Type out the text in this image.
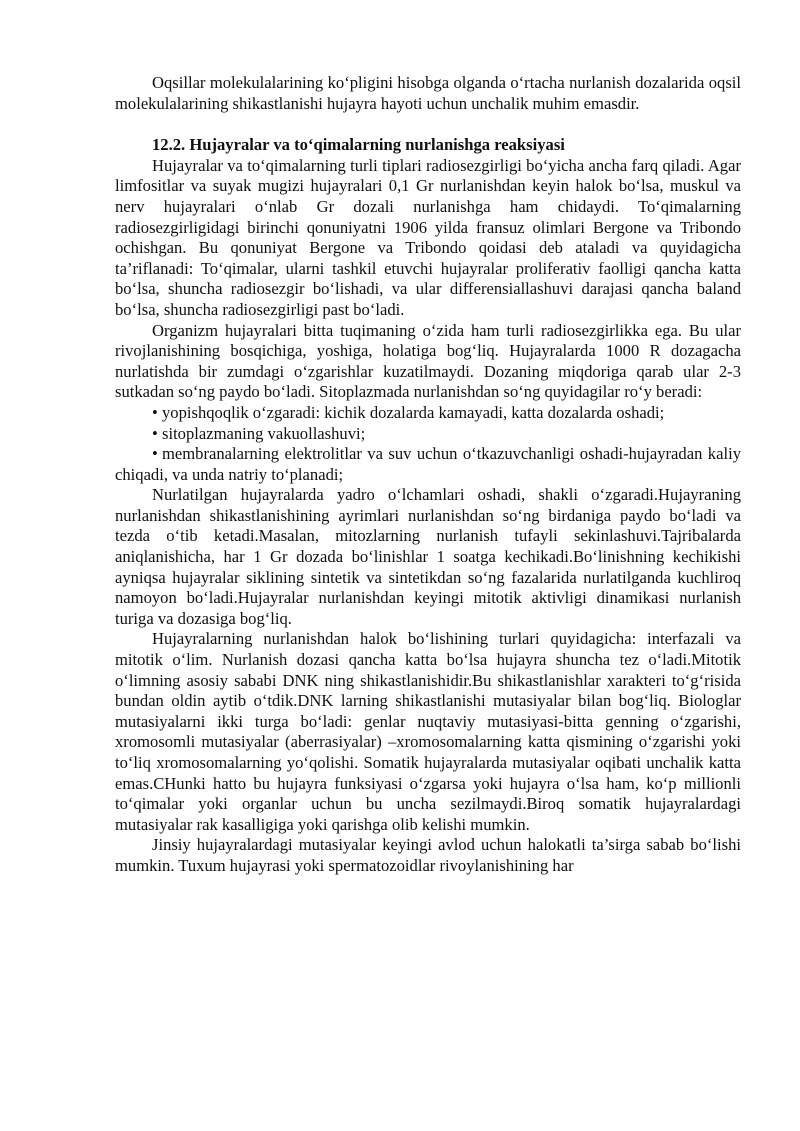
Oqsillar molekulalarining ko‘pligini hisobga olganda o‘rtacha nurlanish dozalarida oqsil molekulalarining shikastlanishi hujayra hayoti uchun unchalik muhim emasdir.

12.2. Hujayralar va to‘qimalarning nurlanishga reaksiyasi

Hujayralar va to‘qimalarning turli tiplari radiosezgirligi bo‘yicha ancha farq qiladi. Agar limfositlar va suyak mugizi hujayralari 0,1 Gr nurlanishdan keyin halok bo‘lsa, muskul va nerv hujayralari o‘nlab Gr dozali nurlanishga ham chidaydi. To‘qimalarning radiosezgirligidagi birinchi qonuniyatni 1906 yilda fransuz olimlari Bergone va Tribondo ochishgan. Bu qonuniyat Bergone va Tribondo qoidasi deb ataladi va quyidagicha ta’riflanadi: To‘qimalar, ularni tashkil etuvchi hujayralar proliferativ faolligi qancha katta bo‘lsa, shuncha radiosezgir bo‘lishadi, va ular differensiallashuvi darajasi qancha baland bo‘lsa, shuncha radiosezgirligi past bo‘ladi.

Organizm hujayralari bitta tuqimaning o‘zida ham turli radiosezgirlikka ega. Bu ular rivojlanishining bosqichiga, yoshiga, holatiga bog‘liq. Hujayralarda 1000 R dozagacha nurlatishda bir zumdagi o‘zgarishlar kuzatilmaydi. Dozaning miqdoriga qarab ular 2-3 sutkadan so‘ng paydo bo‘ladi. Sitoplazmada nurlanishdan so‘ng quyidagilar ro‘y beradi:

• yopishqoqlik o‘zgaradi: kichik dozalarda kamayadi, katta dozalarda oshadi;
• sitoplazmaning vakuollashuvi;
• membranalarning elektrolitlar va suv uchun o‘tkazuvchanligi oshadi-hujayradan kaliy chiqadi, va unda natriy to‘planadi;

Nurlatilgan hujayralarda yadro o‘lchamlari oshadi, shakli o‘zgaradi.Hujayraning nurlanishdan shikastlanishining ayrimlari nurlanishdan so‘ng birdaniga paydo bo‘ladi va tezda o‘tib ketadi.Masalan, mitozlarning nurlanish tufayli sekinlashuvi.Tajribalarda aniqlanishicha, har 1 Gr dozada bo‘linishlar 1 soatga kechikadi.Bo‘linishning kechikishi ayniqsa hujayralar siklining sintetik va sintetikdan so‘ng fazalarida nurlatilganda kuchliroq namoyon bo‘ladi.Hujayralar nurlanishdan keyingi mitotik aktivligi dinamikasi nurlanish turiga va dozasiga bog‘liq.

Hujayralarning nurlanishdan halok bo‘lishining turlari quyidagicha: interfazali va mitotik o‘lim. Nurlanish dozasi qancha katta bo‘lsa hujayra shuncha tez o‘ladi.Mitotik o‘limning asosiy sababi DNK ning shikastlanishidir.Bu shikastlanishlar xarakteri to‘g‘risida bundan oldin aytib o‘tdik.DNK larning shikastlanishi mutasiyalar bilan bog‘liq. Biologlar mutasiyalarni ikki turga bo‘ladi: genlar nuqtaviy mutasiyasi-bitta genning o‘zgarishi, xromosomli mutasiyalar (aberrasiyalar) –xromosomalarning katta qismining o‘zgarishi yoki to‘liq xromosomalarning yo‘qolishi. Somatik hujayralarda mutasiyalar oqibati unchalik katta emas.CHunki hatto bu hujayra funksiyasi o‘zgarsa yoki hujayra o‘lsa ham, ko‘p millionli to‘qimalar yoki organlar uchun bu uncha sezilmaydi.Biroq somatik hujayralardagi mutasiyalar rak kasalligiga yoki qarishga olib kelishi mumkin.

Jinsiy hujayralardagi mutasiyalar keyingi avlod uchun halokatli ta’sirga sabab bo‘lishi mumkin. Tuxum hujayrasi yoki spermatozoidlar rivoylanishining har
